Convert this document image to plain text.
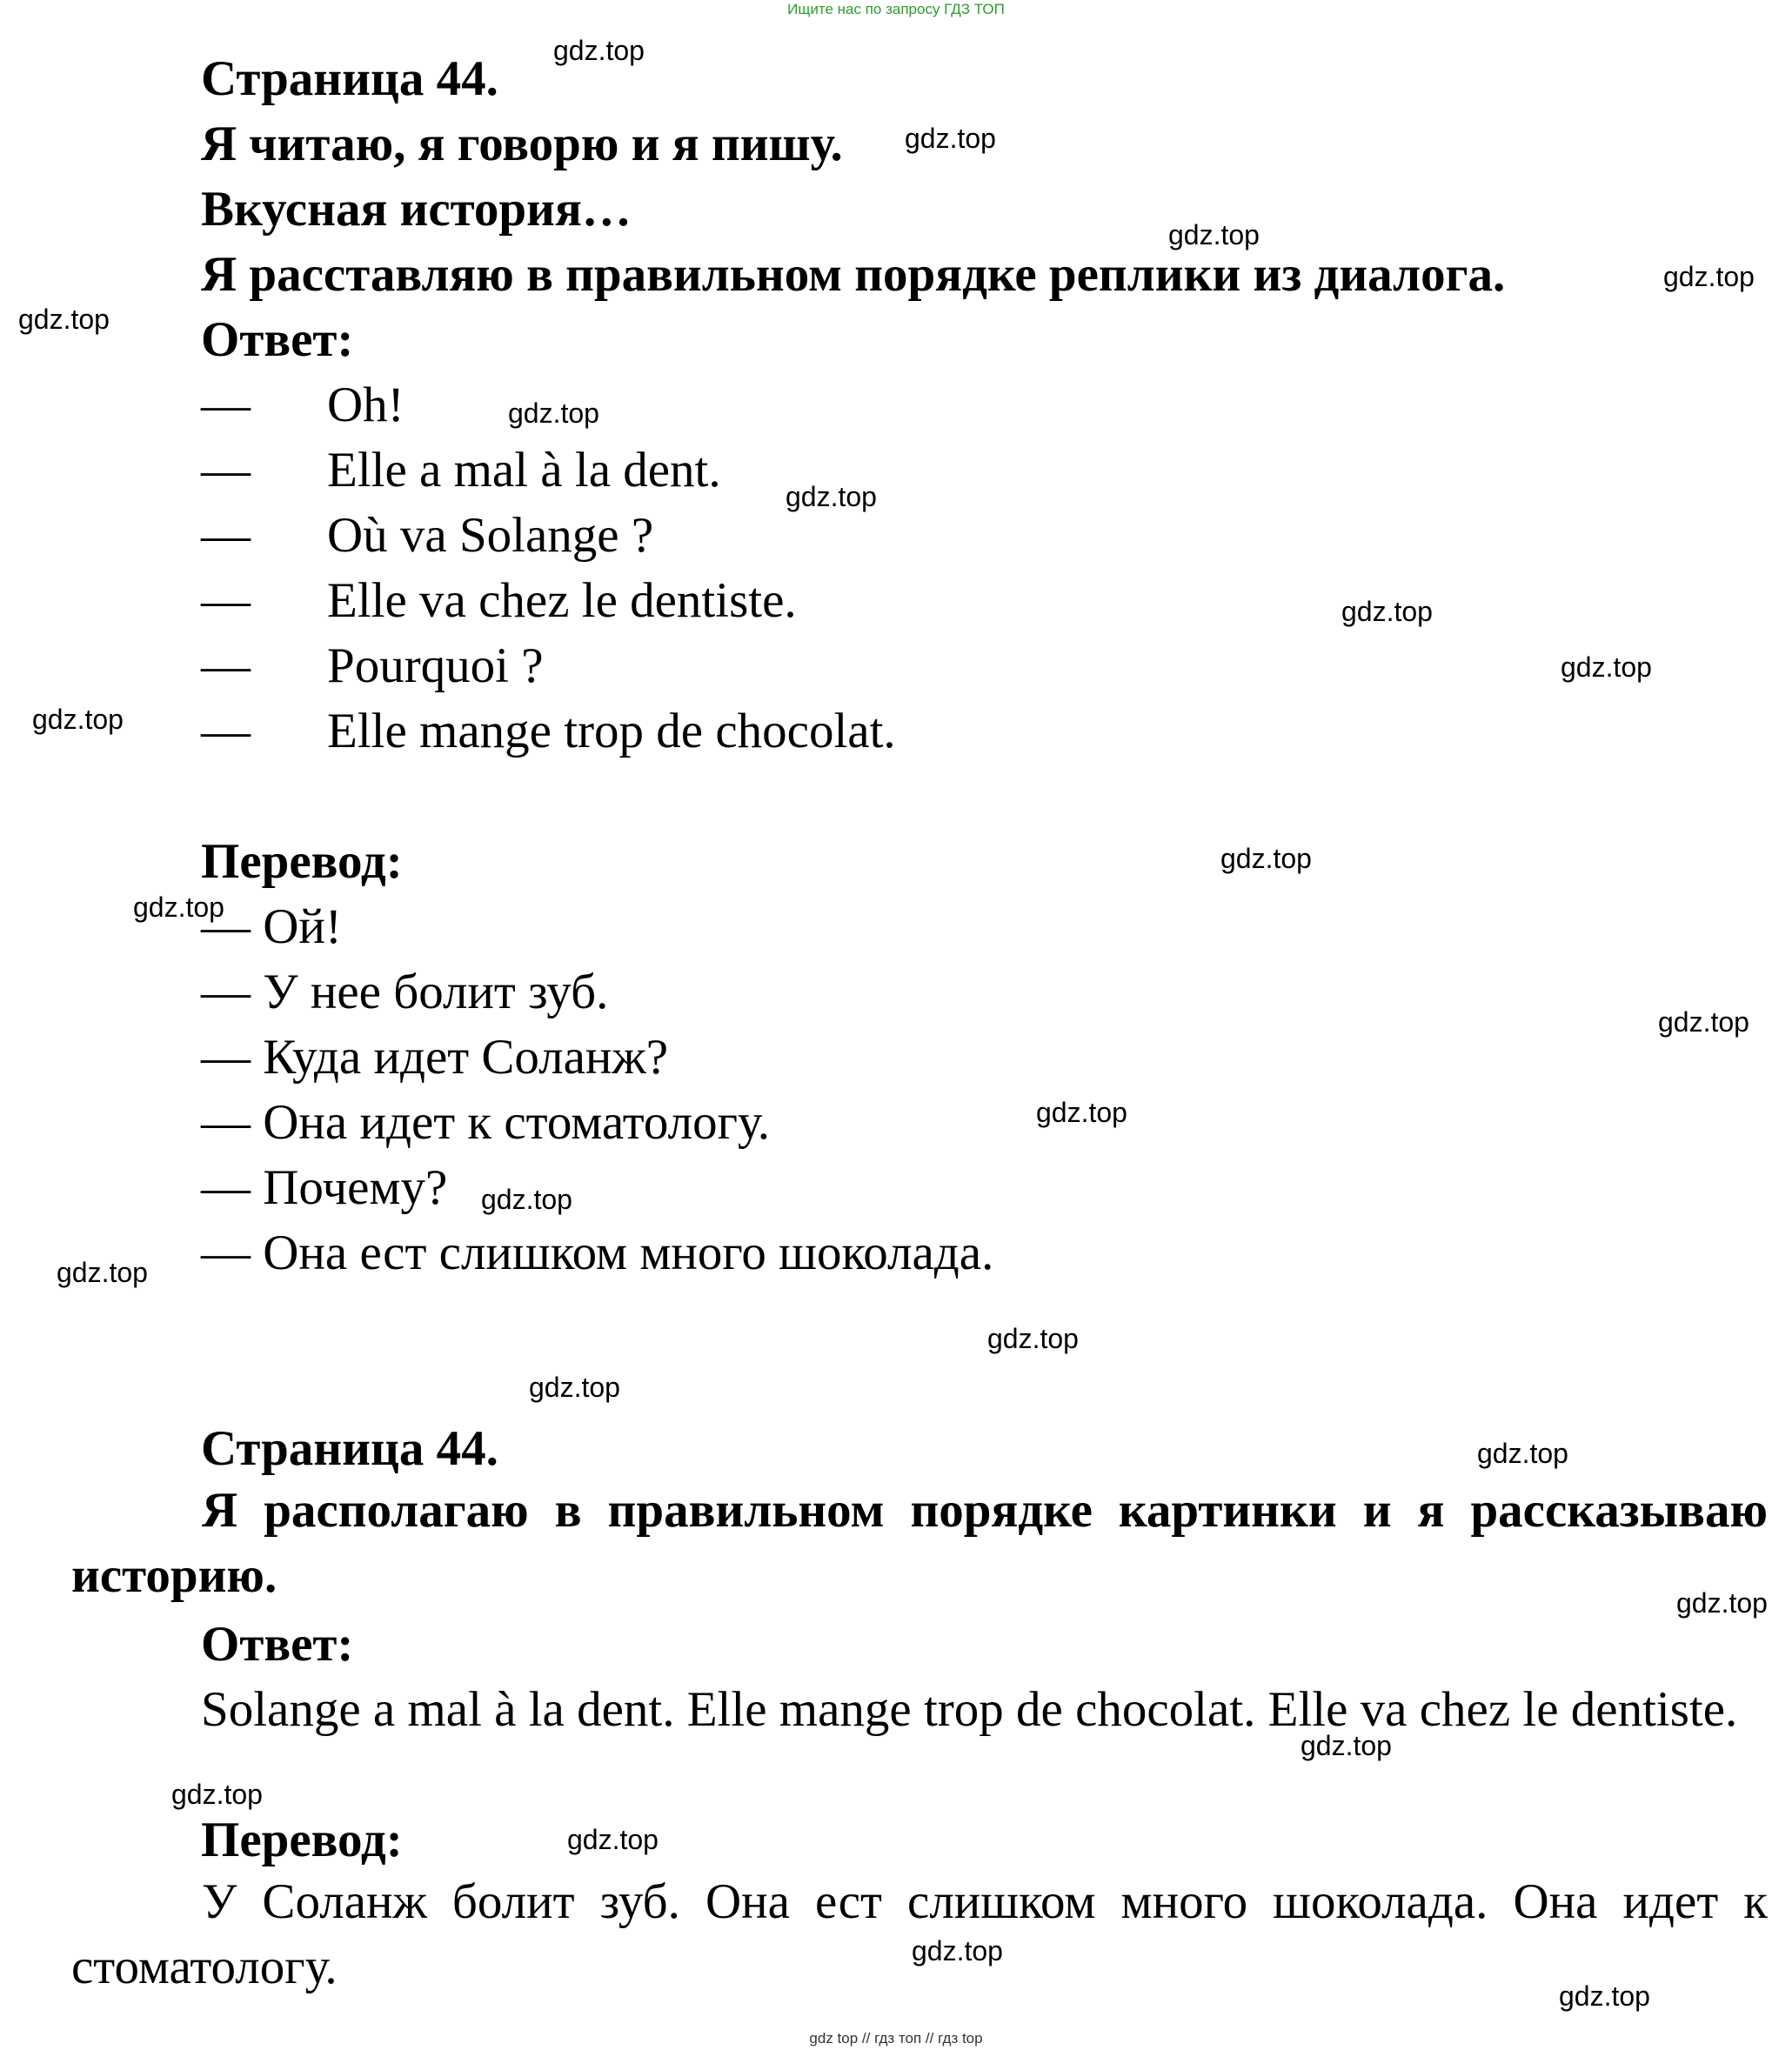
Ищите нас по запросу ГДЗ ТОП
Страница 44.
Я читаю, я говорю и я пишу.
Вкусная история…
Я расставляю в правильном порядке реплики из диалога.
Ответ:
— Oh!
— Elle a mal à la dent.
— Où va Solange ?
— Elle va chez le dentiste.
— Pourquoi ?
— Elle mange trop de chocolat.
Перевод:
— Ой!
— У нее болит зуб.
— Куда идет Соланж?
— Она идет к стоматологу.
— Почему?
— Она ест слишком много шоколада.
Страница 44.
Я располагаю в правильном порядке картинки и я рассказываю историю.
Ответ:
Solange a mal à la dent. Elle mange trop de chocolat. Elle va chez le dentiste.
Перевод:
У Соланж болит зуб. Она ест слишком много шоколада. Она идет к стоматологу.
gdz.top
gdz.top
gdz.top
gdz.top
gdz.top
gdz.top
gdz.top
gdz.top
gdz.top
gdz.top
gdz.top
gdz.top
gdz.top
gdz.top
gdz.top
gdz.top
gdz.top
gdz.top
gdz.top
gdz.top
gdz.top
gdz.top
gdz.top
gdz.top
gdz.top
gdz top // гдз топ // гдз top
